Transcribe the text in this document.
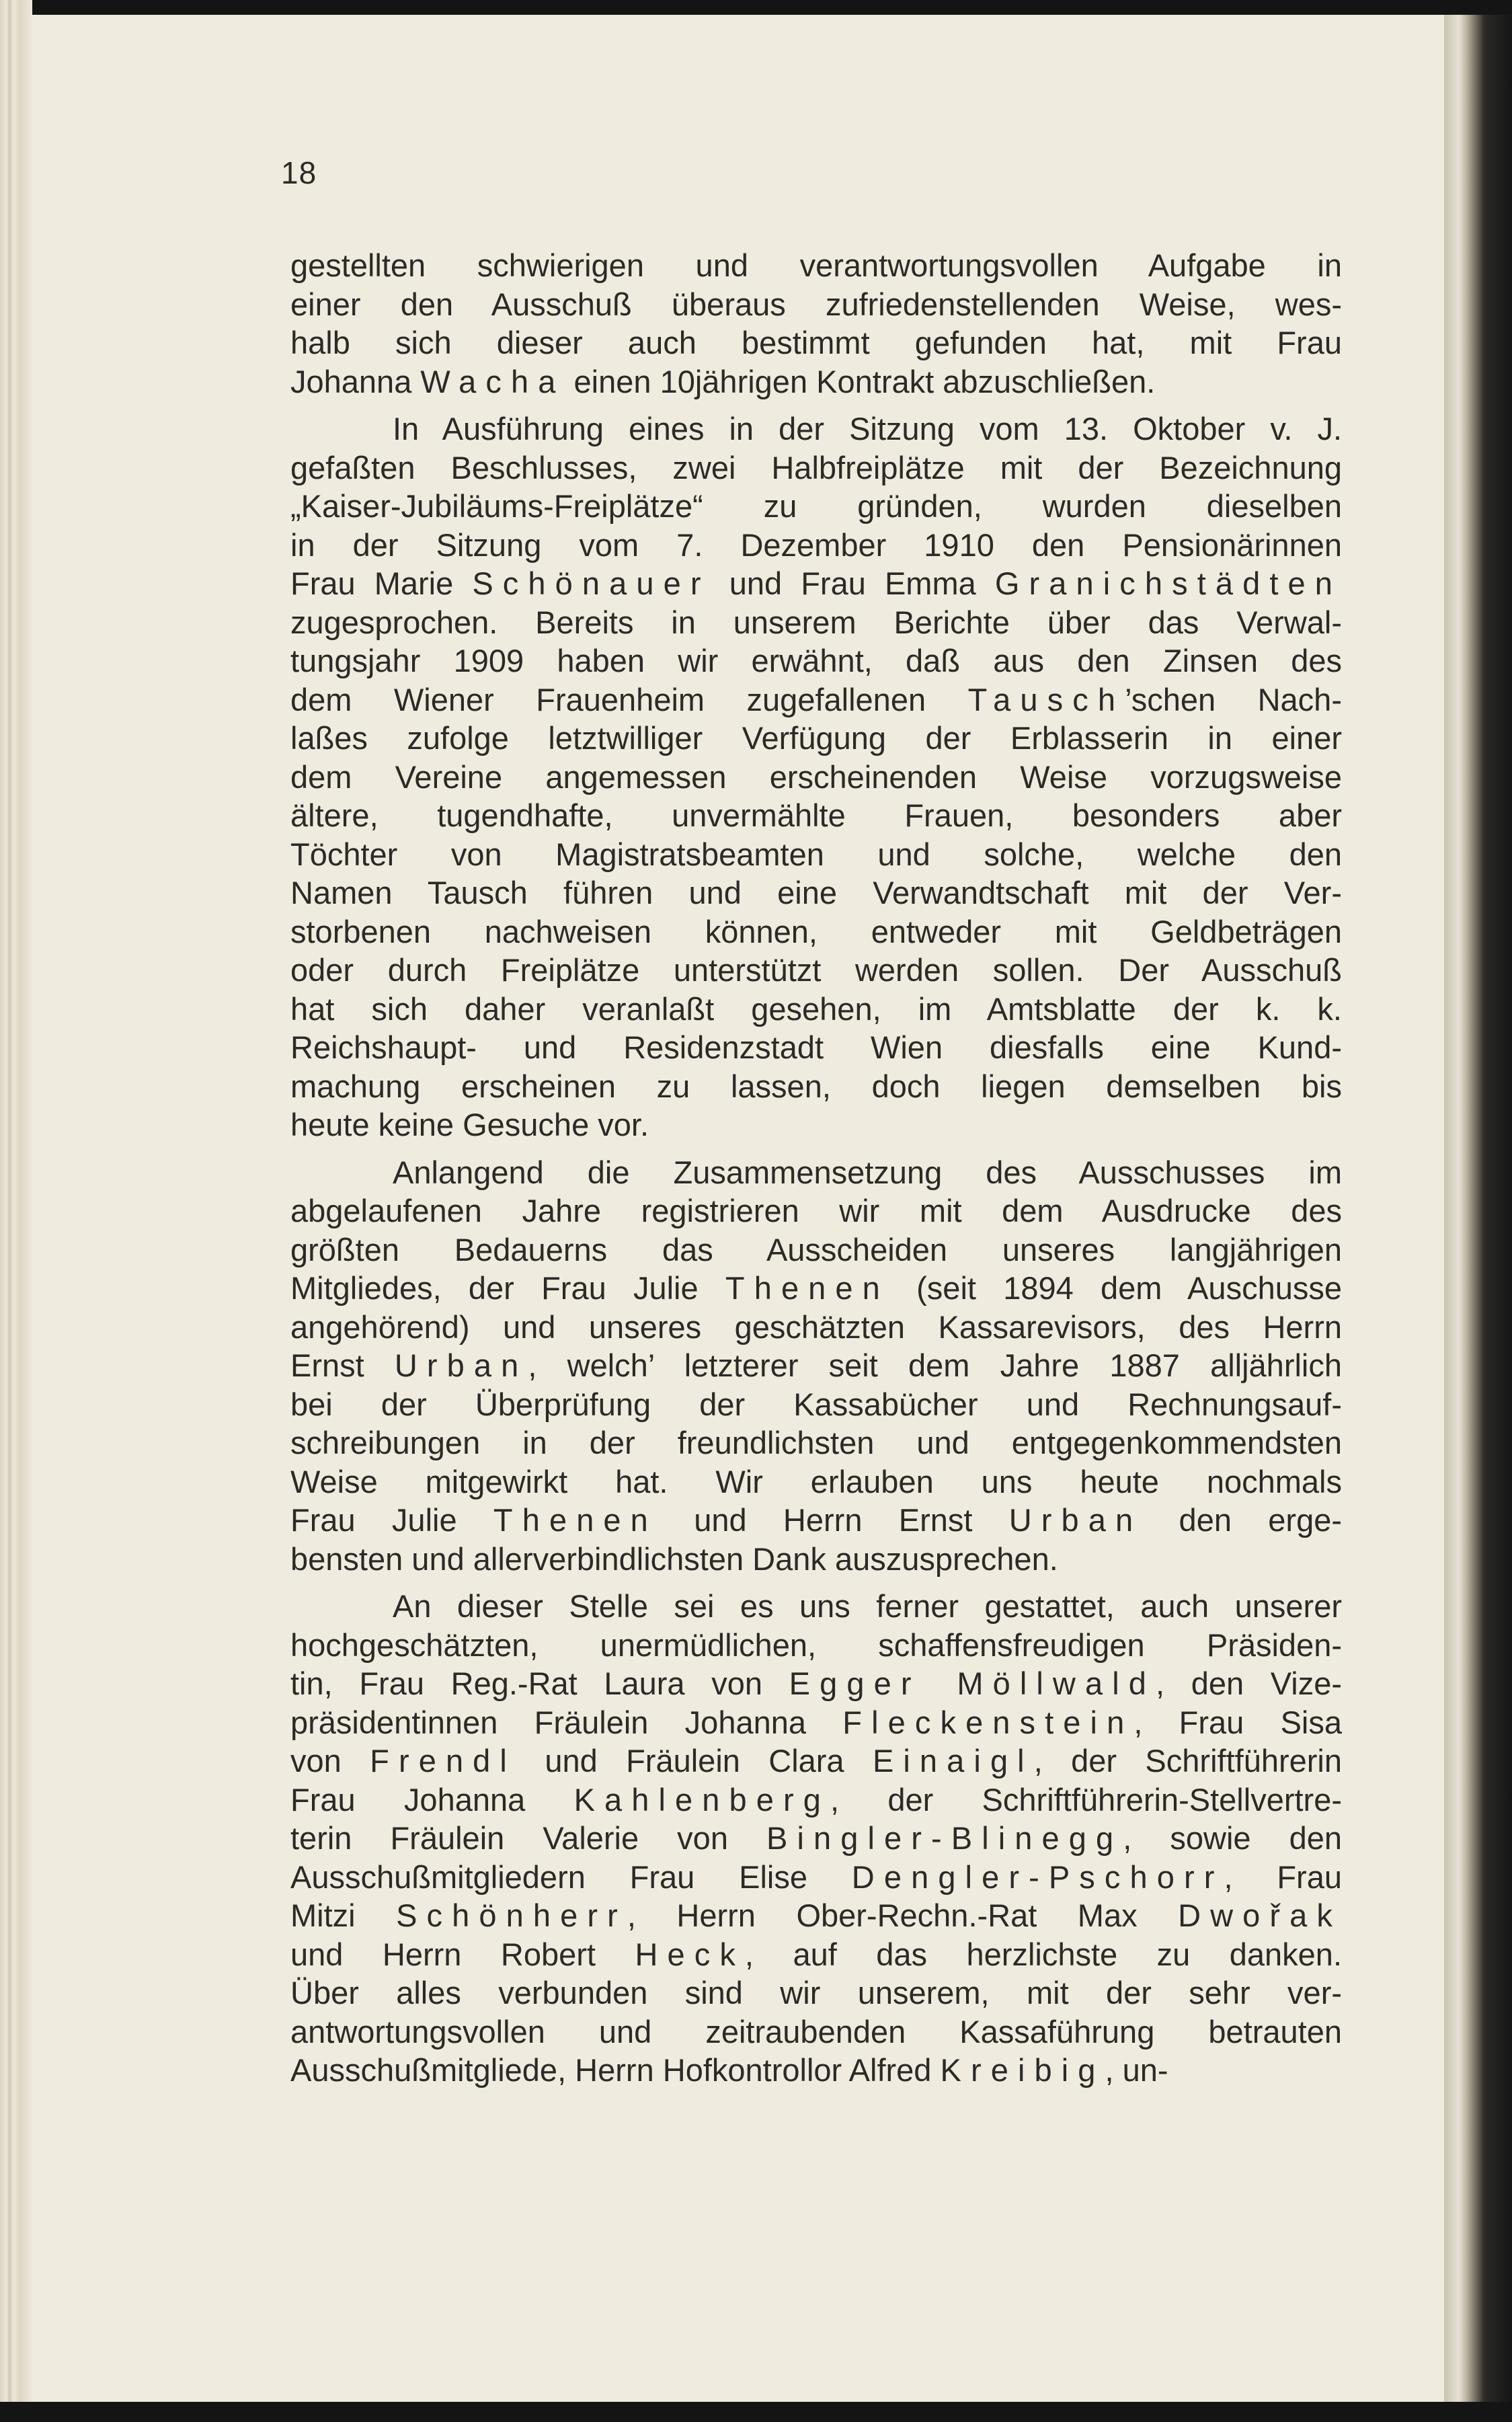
18

gestellten schwierigen und verantwortungsvollen Aufgabe in

einer den Ausschuß überaus zufriedenstellenden Weise, wes-

halb sich dieser auch bestimmt gefunden hat, mit Frau

Johanna Wacha einen 10jährigen Kontrakt abzuschließen.

In Ausführung eines in der Sitzung vom 13. Oktober v. J.

gefaßten Beschlusses, zwei Halbfreiplätze mit der Bezeichnung

„Kaiser-Jubiläums-Freiplätze“ zu gründen, wurden dieselben

in der Sitzung vom 7. Dezember 1910 den Pensionärinnen

Frau Marie Schönauer und Frau Emma Granichstädten

zugesprochen. Bereits in unserem Berichte über das Verwal-

tungsjahr 1909 haben wir erwähnt, daß aus den Zinsen des

dem Wiener Frauenheim zugefallenen Tausch’schen Nach-

laßes zufolge letztwilliger Verfügung der Erblasserin in einer

dem Vereine angemessen erscheinenden Weise vorzugsweise

ältere, tugendhafte, unvermählte Frauen, besonders aber

Töchter von Magistratsbeamten und solche, welche den

Namen Tausch führen und eine Verwandtschaft mit der Ver-

storbenen nachweisen können, entweder mit Geldbeträgen

oder durch Freiplätze unterstützt werden sollen. Der Ausschuß

hat sich daher veranlaßt gesehen, im Amtsblatte der k. k.

Reichshaupt- und Residenzstadt Wien diesfalls eine Kund-

machung erscheinen zu lassen, doch liegen demselben bis

heute keine Gesuche vor.

Anlangend die Zusammensetzung des Ausschusses im

abgelaufenen Jahre registrieren wir mit dem Ausdrucke des

größten Bedauerns das Ausscheiden unseres langjährigen

Mitgliedes, der Frau Julie Thenen (seit 1894 dem Auschusse

angehörend) und unseres geschätzten Kassarevisors, des Herrn

Ernst Urban, welch’ letzterer seit dem Jahre 1887 alljährlich

bei der Überprüfung der Kassabücher und Rechnungsauf-

schreibungen in der freundlichsten und entgegenkommendsten

Weise mitgewirkt hat. Wir erlauben uns heute nochmals

Frau Julie Thenen und Herrn Ernst Urban den erge-

bensten und allerverbindlichsten Dank auszusprechen.

An dieser Stelle sei es uns ferner gestattet, auch unserer

hochgeschätzten, unermüdlichen, schaffensfreudigen Präsiden-

tin, Frau Reg.-Rat Laura von Egger Möllwald, den Vize-

präsidentinnen Fräulein Johanna Fleckenstein, Frau Sisa

von Frendl und Fräulein Clara Einaigl, der Schriftführerin

Frau Johanna Kahlenberg, der Schriftführerin-Stellvertre-

terin Fräulein Valerie von Bingler-Blinegg, sowie den

Ausschußmitgliedern Frau Elise Dengler-Pschorr, Frau

Mitzi Schönherr, Herrn Ober-Rechn.-Rat Max Dwořak

und Herrn Robert Heck, auf das herzlichste zu danken.

Über alles verbunden sind wir unserem, mit der sehr ver-

antwortungsvollen und zeitraubenden Kassaführung betrauten

Ausschußmitgliede, Herrn Hofkontrollor Alfred Kreibig, un-
